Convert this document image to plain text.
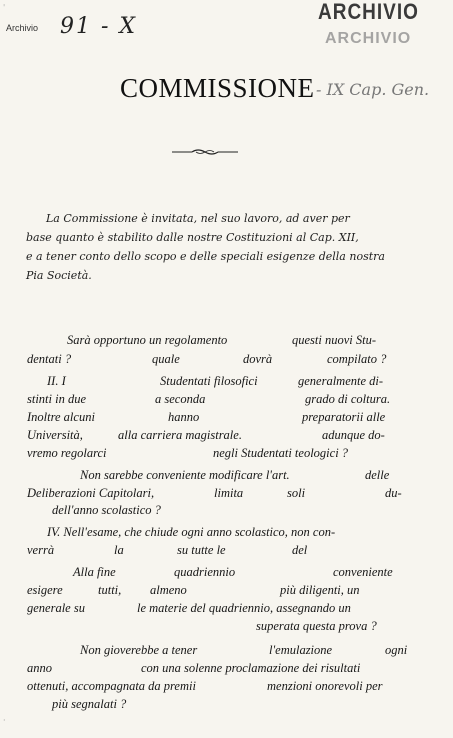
'
Archivio 91 - X
ARCHIVIO
ARCHIVIO
COMMISSIONE - IX Cap. Gen.
La Commissione è invitata, nel suo lavoro, ad aver per
base quanto è stabilito dalle nostre Costituzioni al Cap. XII,
e a tener conto dello scopo e delle speciali esigenze della nostra
Pia Società.
Sarà opportuno un regolamento	questi nuovi Stu-
dentati ?	quale	dovrà	compilato ?
II. I	Studentati filosofici	generalmente di-
stinti in due	a seconda	grado di coltura.
Inoltre alcuni	hanno	preparatorii alle
Università,	alla carriera magistrale.	adunque do-
vremo regolarci	negli Studentati teologici ?
Non sarebbe conveniente modificare l'art.	delle
Deliberazioni Capitolari,	limita	soli	du-
dell'anno scolastico ?
IV. Nell'esame, che chiude ogni anno scolastico, non con-
verrà	la	su tutte le	del
Alla fine	quadriennio	conveniente
esigere	tutti, almeno	più diligenti, un
generale su	le materie del quadriennio, assegnando un
superata questa prova ?
Non gioverebbe a tener	l'emulazione	ogni
anno	con una solenne proclamazione dei risultati
ottenuti, accompagnata da premii	menzioni onorevoli per
più segnalati ?
·
